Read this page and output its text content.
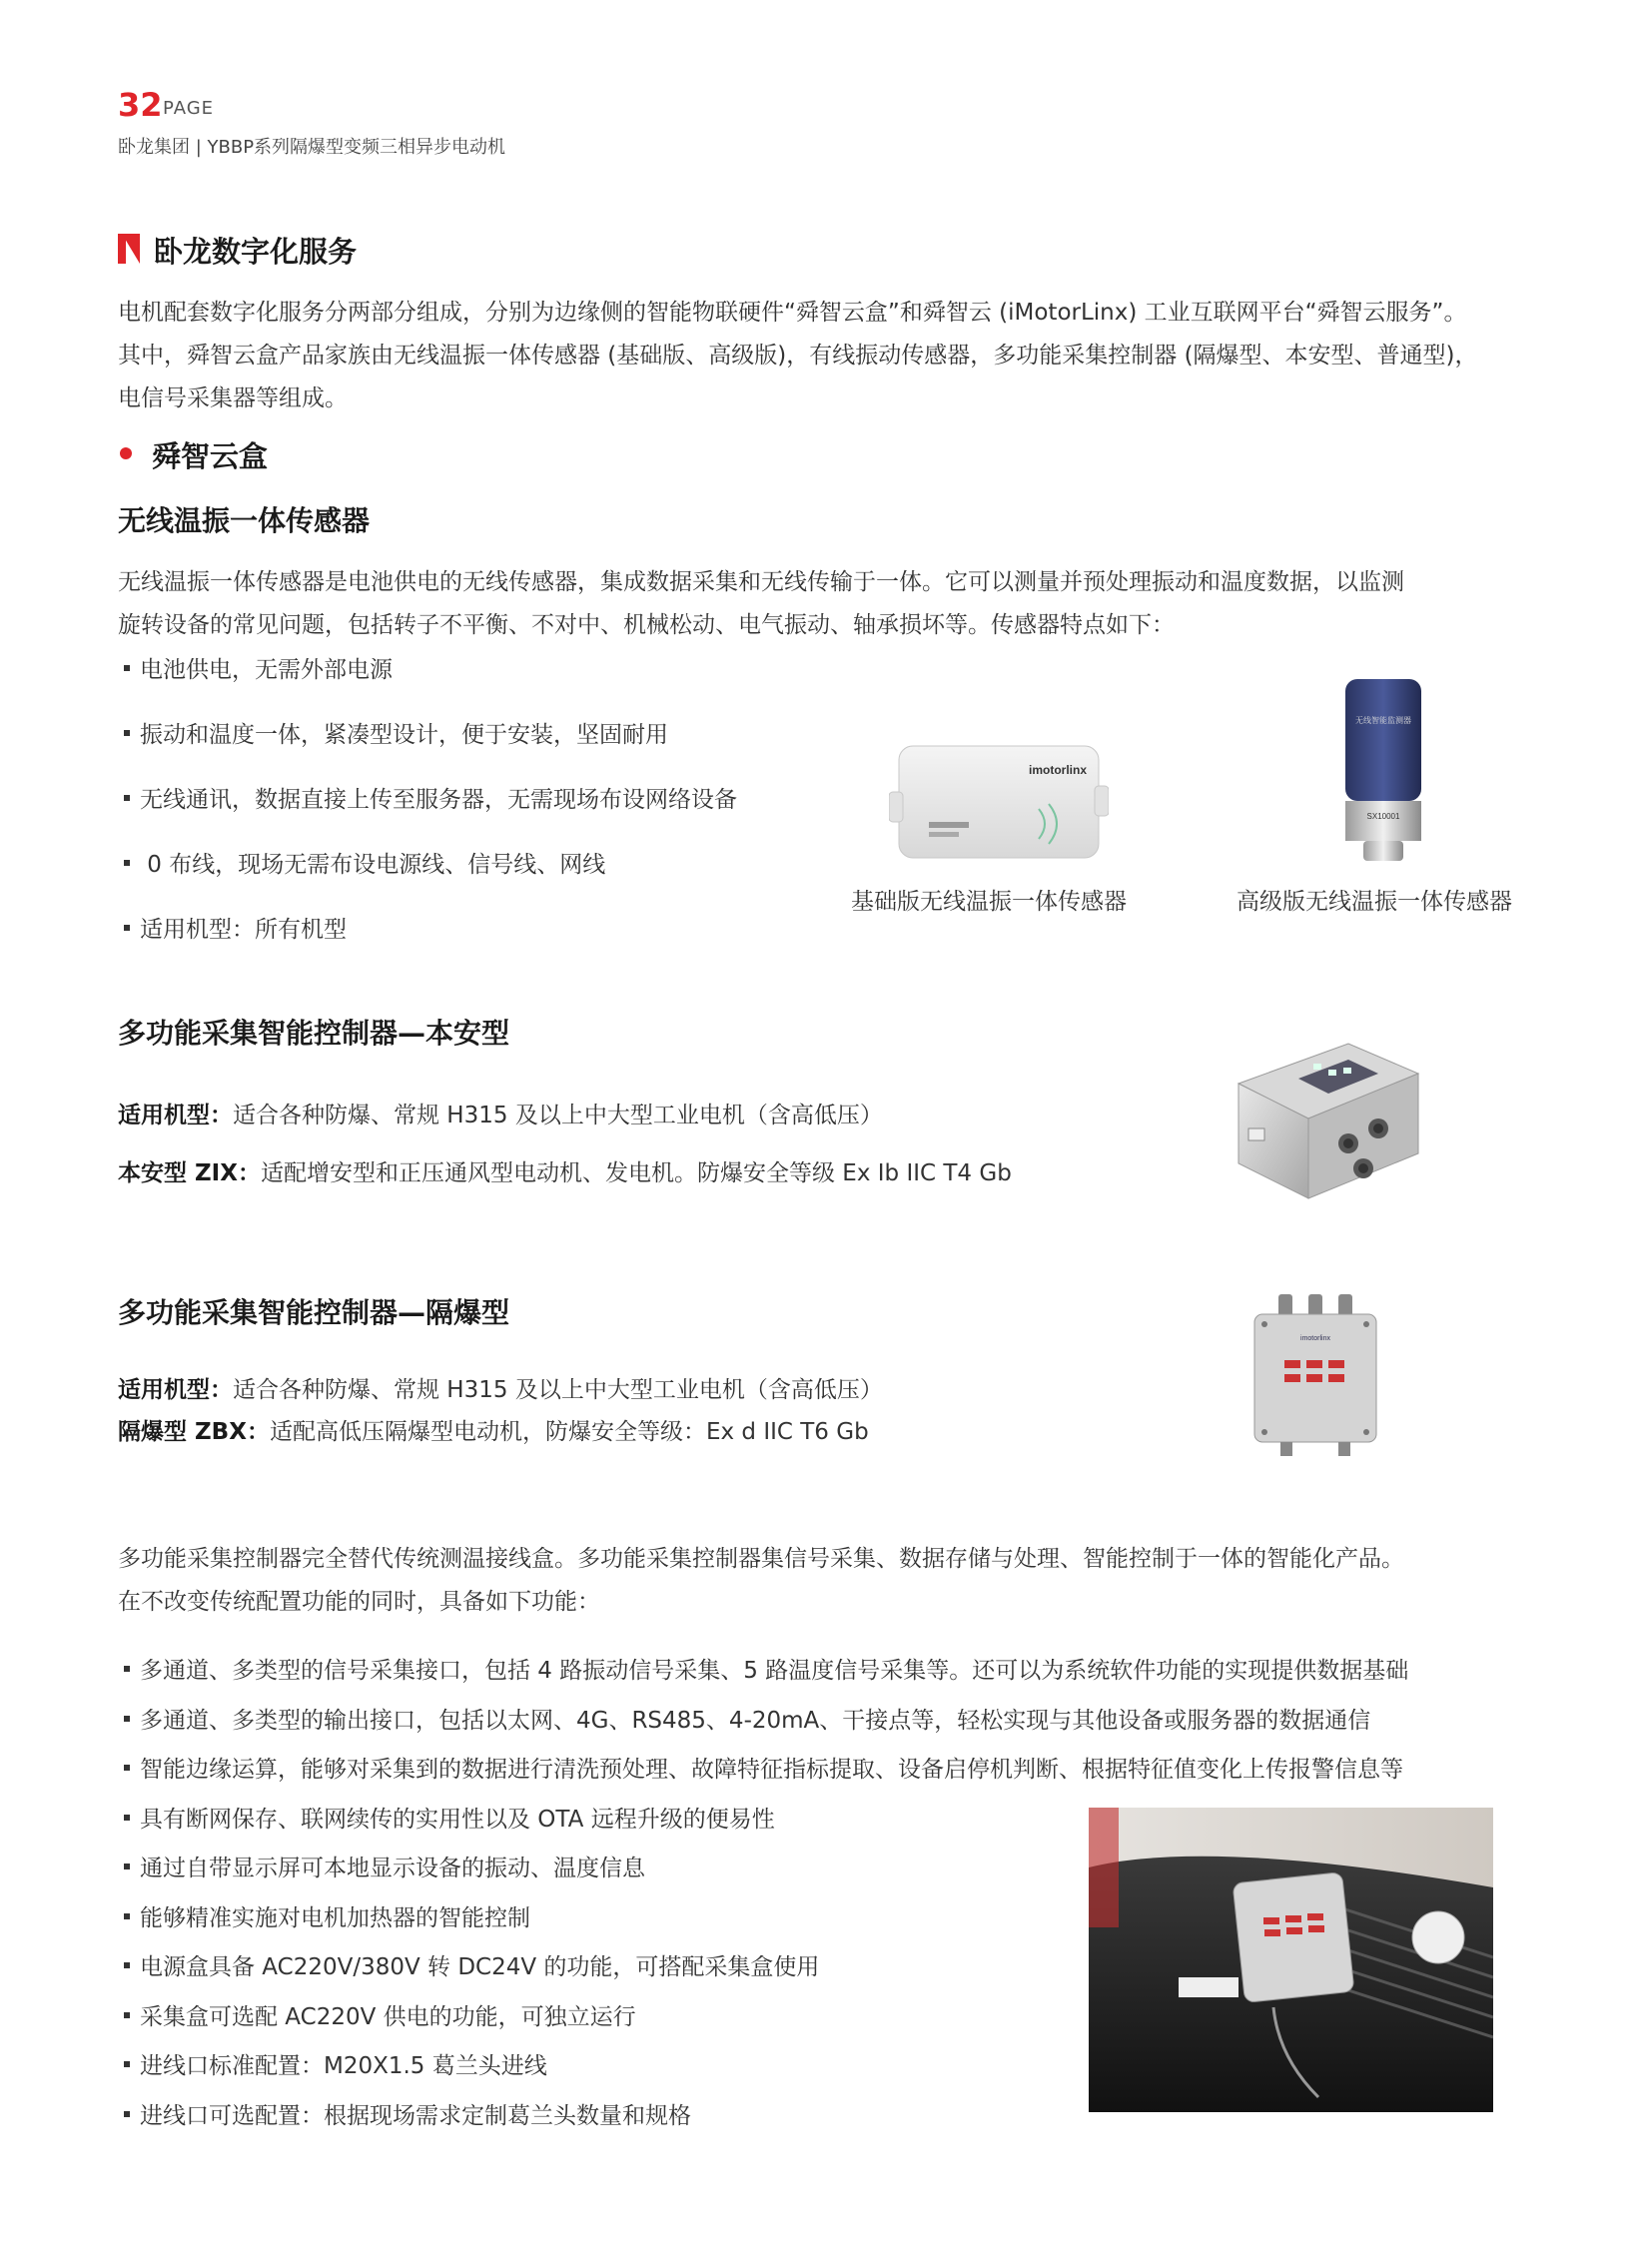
32 PAGE
卧龙集团 | YBBP系列隔爆型变频三相异步电动机
卧龙数字化服务
电机配套数字化服务分两部分组成，分别为边缘侧的智能物联硬件“舜智云盒”和舜智云 (iMotorLinx) 工业互联网平台“舜智云服务”。
其中，舜智云盒产品家族由无线温振一体传感器 (基础版、高级版)，有线振动传感器，多功能采集控制器 (隔爆型、本安型、普通型)，
电信号采集器等组成。
舜智云盒
无线温振一体传感器
无线温振一体传感器是电池供电的无线传感器，集成数据采集和无线传输于一体。它可以测量并预处理振动和温度数据，以监测
旋转设备的常见问题，包括转子不平衡、不对中、机械松动、电气振动、轴承损坏等。传感器特点如下：
电池供电，无需外部电源
振动和温度一体，紧凑型设计，便于安装，坚固耐用
无线通讯，数据直接上传至服务器，无需现场布设网络设备
0 布线，现场无需布设电源线、信号线、网线
适用机型：所有机型
imotorlinx
无线智能监测器
SX10001
基础版无线温振一体传感器	高级版无线温振一体传感器
多功能采集智能控制器—本安型
适用机型：适合各种防爆、常规 H315 及以上中大型工业电机（含高低压）
本安型 ZIX：适配增安型和正压通风型电动机、发电机。防爆安全等级 Ex Ib IIC T4 Gb
多功能采集智能控制器—隔爆型
适用机型：适合各种防爆、常规 H315 及以上中大型工业电机（含高低压）
隔爆型 ZBX：适配高低压隔爆型电动机，防爆安全等级：Ex d IIC T6 Gb
imotorlinx
多功能采集控制器完全替代传统测温接线盒。多功能采集控制器集信号采集、数据存储与处理、智能控制于一体的智能化产品。
在不改变传统配置功能的同时，具备如下功能：
多通道、多类型的信号采集接口，包括 4 路振动信号采集、5 路温度信号采集等。还可以为系统软件功能的实现提供数据基础
多通道、多类型的输出接口，包括以太网、4G、RS485、4-20mA、干接点等，轻松实现与其他设备或服务器的数据通信
智能边缘运算，能够对采集到的数据进行清洗预处理、故障特征指标提取、设备启停机判断、根据特征值变化上传报警信息等
具有断网保存、联网续传的实用性以及 OTA 远程升级的便易性
通过自带显示屏可本地显示设备的振动、温度信息
能够精准实施对电机加热器的智能控制
电源盒具备 AC220V/380V 转 DC24V 的功能，可搭配采集盒使用
采集盒可选配 AC220V 供电的功能，可独立运行
进线口标准配置：M20X1.5 葛兰头进线
进线口可选配置：根据现场需求定制葛兰头数量和规格
